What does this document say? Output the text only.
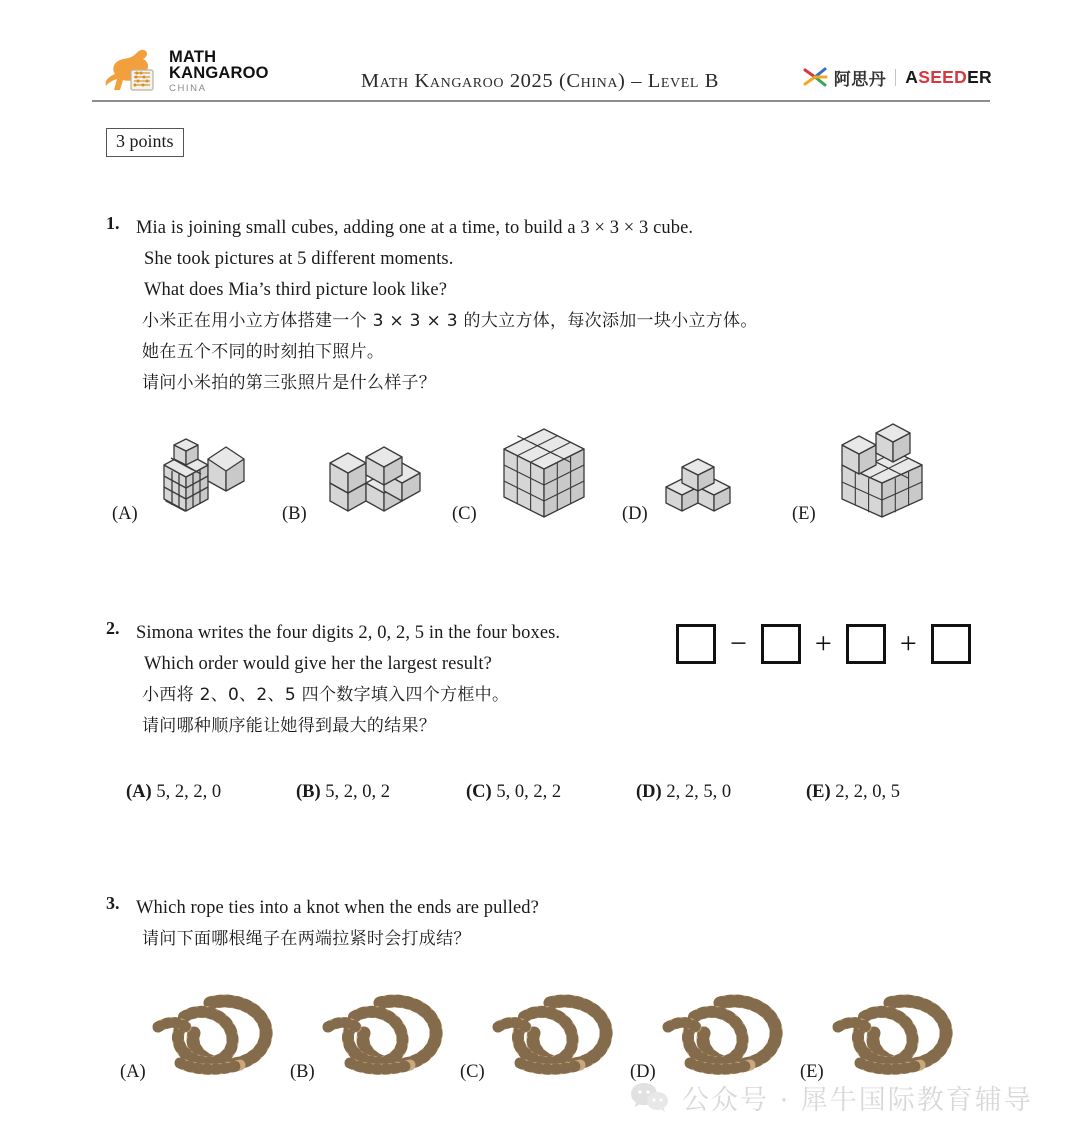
MATH
KANGAROO
CHINA	Math Kangaroo 2025 (China) – Level B	阿思丹 ASEEDER
3 points
1. Mia is joining small cubes, adding one at a time, to build a 3 × 3 × 3 cube.
She took pictures at 5 different moments.
What does Mia’s third picture look like?
小米正在用小立方体搭建一个 3 × 3 × 3 的大立方体，每次添加一块小立方体。
她在五个不同的时刻拍下照片。
请问小米拍的第三张照片是什么样子？
(A)	(B)	(C)	(D)	(E)
2. Simona writes the four digits 2, 0, 2, 5 in the four boxes.
Which order would give her the largest result?
小西将 2、0、2、5 四个数字填入四个方框中。
请问哪种顺序能让她得到最大的结果？
− + +
(A) 5, 2, 2, 0	(B) 5, 2, 0, 2	(C) 5, 0, 2, 2	(D) 2, 2, 5, 0	(E) 2, 2, 0, 5
3. Which rope ties into a knot when the ends are pulled?
请问下面哪根绳子在两端拉紧时会打成结？
(A)	(B)	(C)	(D)	(E)
公众号 · 犀牛国际教育辅导
